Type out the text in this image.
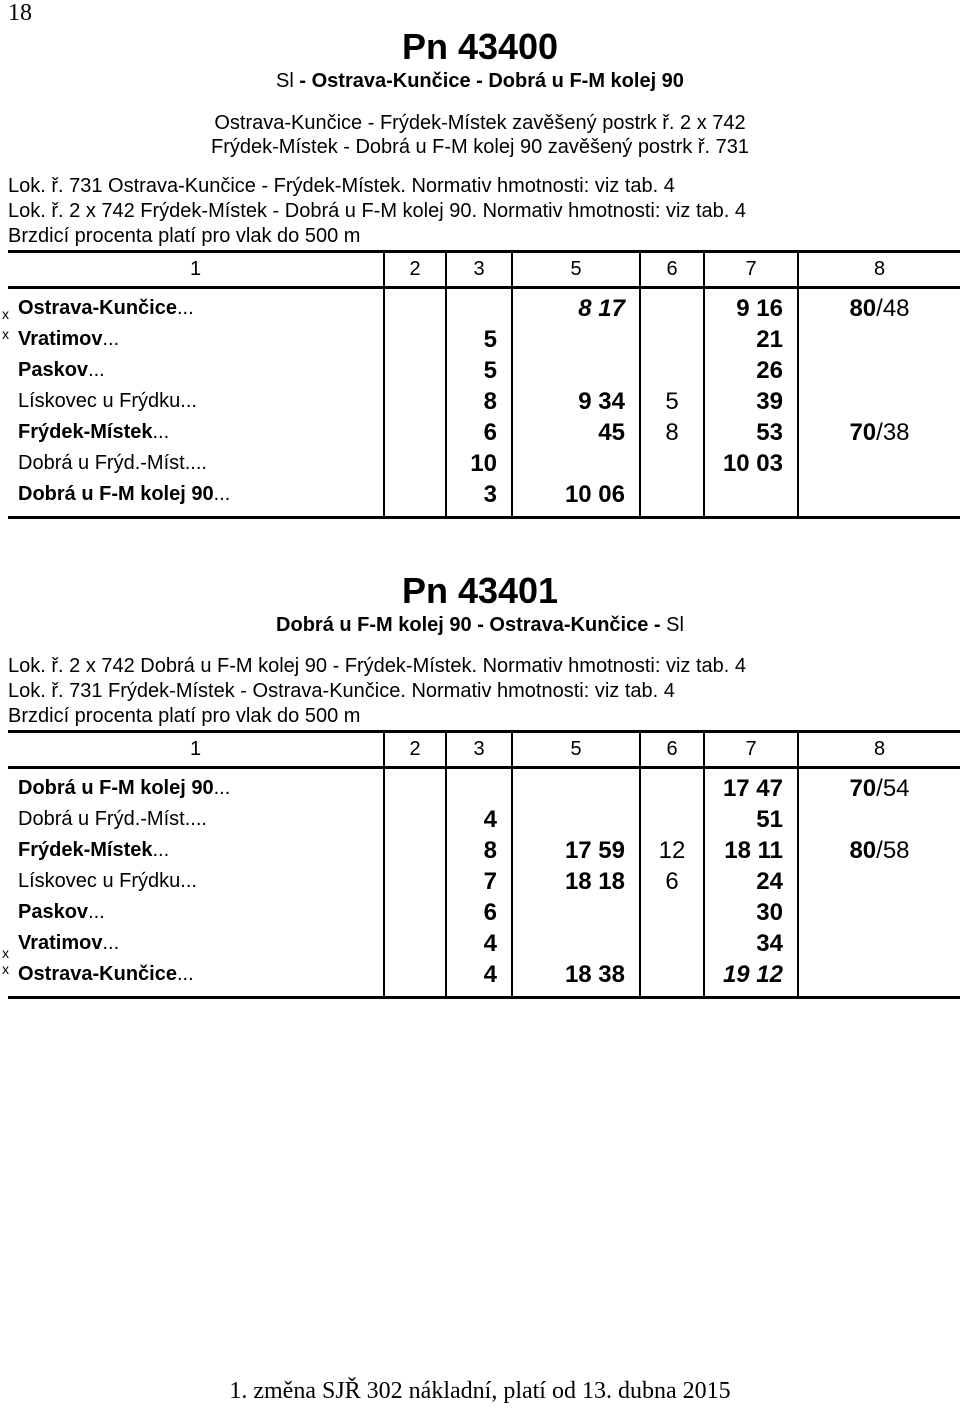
18
Pn 43400
Sl - Ostrava-Kunčice - Dobrá u F-M kolej 90
Ostrava-Kunčice - Frýdek-Místek zavěšený postrk ř. 2 x 742
Frýdek-Místek - Dobrá u F-M kolej 90 zavěšený postrk ř. 731
Lok. ř. 731 Ostrava-Kunčice - Frýdek-Místek. Normativ hmotnosti: viz tab. 4
Lok. ř. 2 x 742 Frýdek-Místek - Dobrá u F-M kolej 90. Normativ hmotnosti: viz tab. 4
Brzdicí procenta platí pro vlak do 500 m
1	2	3	5	6	7	8

x Ostrava-Kunčice...			8 17		9 16	80/48

x Vratimov...		5			21	
Paskov...		5			26	
Lískovec u Frýdku...		8	9 34	5	39	
Frýdek-Místek...		6	45	8	53	70/38
Dobrá u Frýd.-Míst....		10			10 03	
Dobrá u F-M kolej 90...		3	10 06			
Pn 43401
Dobrá u F-M kolej 90 - Ostrava-Kunčice - Sl
Lok. ř. 2 x 742 Dobrá u F-M kolej 90 - Frýdek-Místek. Normativ hmotnosti: viz tab. 4
Lok. ř. 731 Frýdek-Místek - Ostrava-Kunčice. Normativ hmotnosti: viz tab. 4
Brzdicí procenta platí pro vlak do 500 m
1	2	3	5	6	7	8
Dobrá u F-M kolej 90...					17 47	70/54
Dobrá u Frýd.-Míst....		4			51	
Frýdek-Místek...		8	17 59	12	18 11	80/58
Lískovec u Frýdku...		7	18 18	6	24	
Paskov...		6			30	

x Vratimov...		4			34	

x Ostrava-Kunčice...		4	18 38		19 12	
1. změna SJŘ 302 nákladní, platí od 13. dubna 2015
